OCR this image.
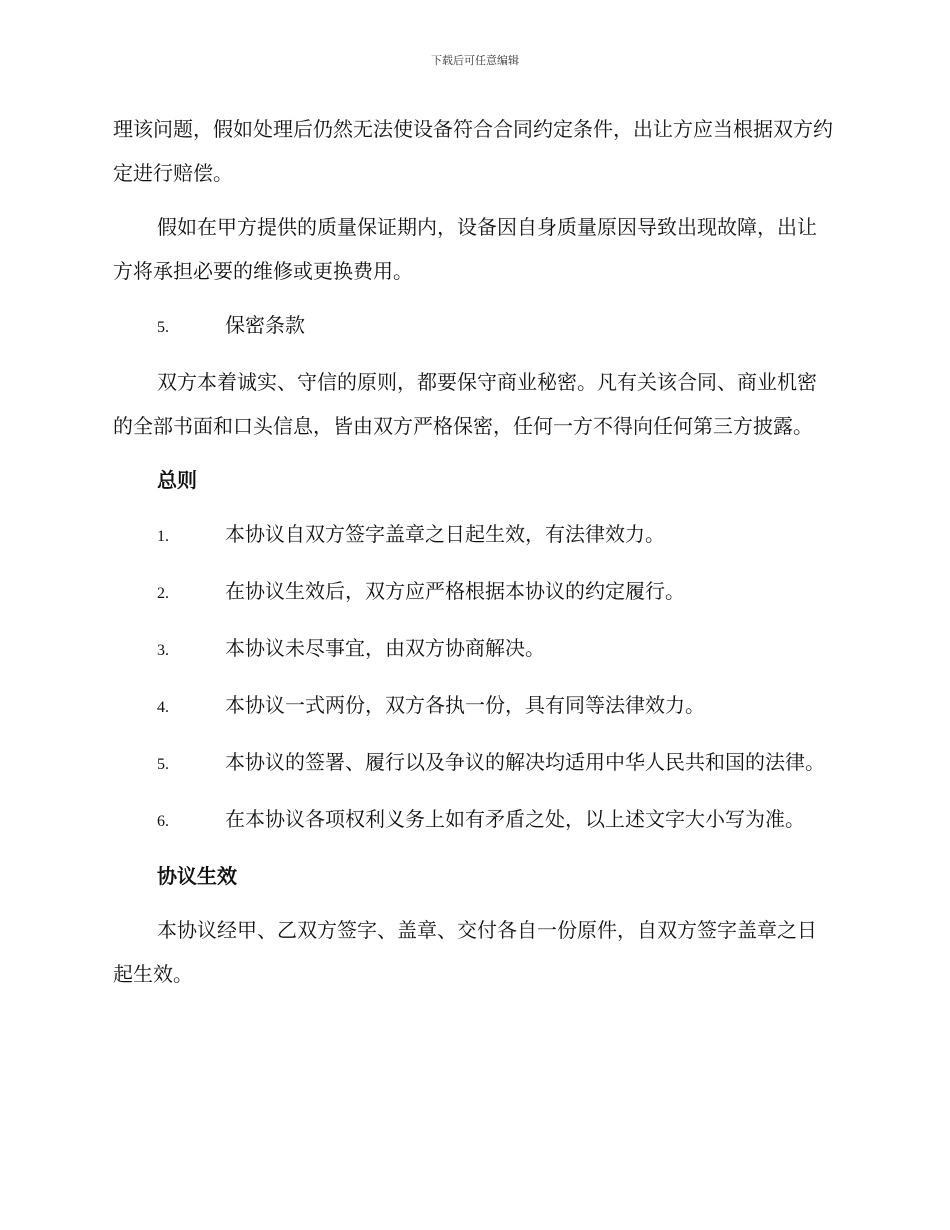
下载后可任意编辑

理该问题，假如处理后仍然无法使设备符合合同约定条件，出让方应当根据双方约定进行赔偿。

假如在甲方提供的质量保证期内，设备因自身质量原因导致出现故障，出让方将承担必要的维修或更换费用。

5.	保密条款

双方本着诚实、守信的原则，都要保守商业秘密。凡有关该合同、商业机密的全部书面和口头信息，皆由双方严格保密，任何一方不得向任何第三方披露。

总则
1.	本协议自双方签字盖章之日起生效，有法律效力。
2.	在协议生效后，双方应严格根据本协议的约定履行。
3.	本协议未尽事宜，由双方协商解决。
4.	本协议一式两份，双方各执一份，具有同等法律效力。
5.	本协议的签署、履行以及争议的解决均适用中华人民共和国的法律。
6.	在本协议各项权利义务上如有矛盾之处，以上述文字大小写为准。
协议生效

本协议经甲、乙双方签字、盖章、交付各自一份原件，自双方签字盖章之日起生效。
